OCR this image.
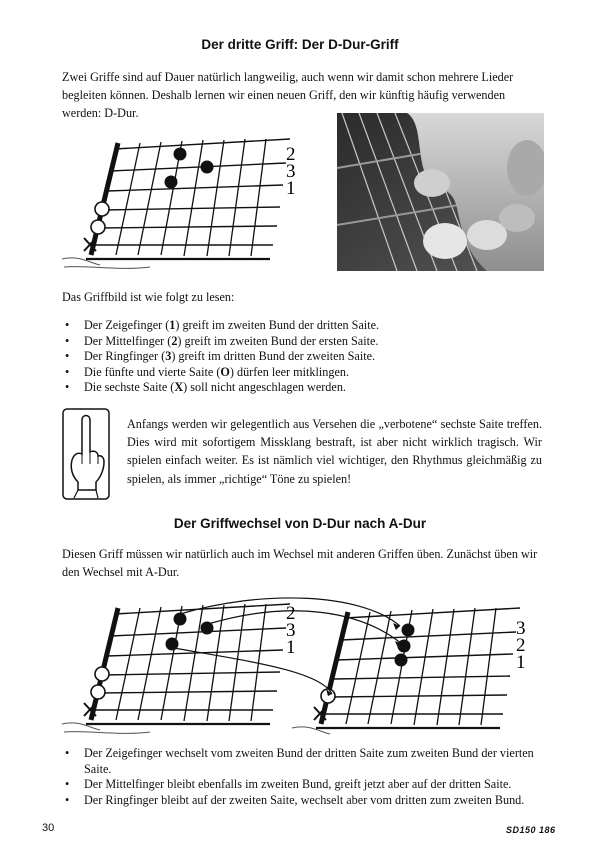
Der dritte Griff: Der D-Dur-Griff
Zwei Griffe sind auf Dauer natürlich langweilig, auch wenn wir damit schon mehrere Lieder begleiten können. Deshalb lernen wir einen neuen Griff, den wir künftig häufig verwenden werden: D-Dur.
2
3
1
Das Griffbild ist wie folgt zu lesen:
• Der Zeigefinger (1) greift im zweiten Bund der dritten Saite.
• Der Mittelfinger (2) greift im zweiten Bund der ersten Saite.
• Der Ringfinger (3) greift im dritten Bund der zweiten Saite.
• Die fünfte und vierte Saite (O) dürfen leer mitklingen.
• Die sechste Saite (X) soll nicht angeschlagen werden.
Anfangs werden wir gelegentlich aus Versehen die „verbotene“ sechste Saite treffen. Dies wird mit sofortigem Missklang bestraft, ist aber nicht wirklich tragisch. Wir spielen einfach weiter. Es ist nämlich viel wichtiger, den Rhythmus gleichmäßig zu spielen, als immer „richtige“ Töne zu spielen!
Der Griffwechsel von D-Dur nach A-Dur
Diesen Griff müssen wir natürlich auch im Wechsel mit anderen Griffen üben. Zunächst üben wir den Wechsel mit A-Dur.
2
3
1
3
2
1
• Der Zeigefinger wechselt vom zweiten Bund der dritten Saite zum zweiten Bund der vierten Saite.
• Der Mittelfinger bleibt ebenfalls im zweiten Bund, greift jetzt aber auf der dritten Saite.
• Der Ringfinger bleibt auf der zweiten Saite, wechselt aber vom dritten zum zweiten Bund.
30	SD150 186
